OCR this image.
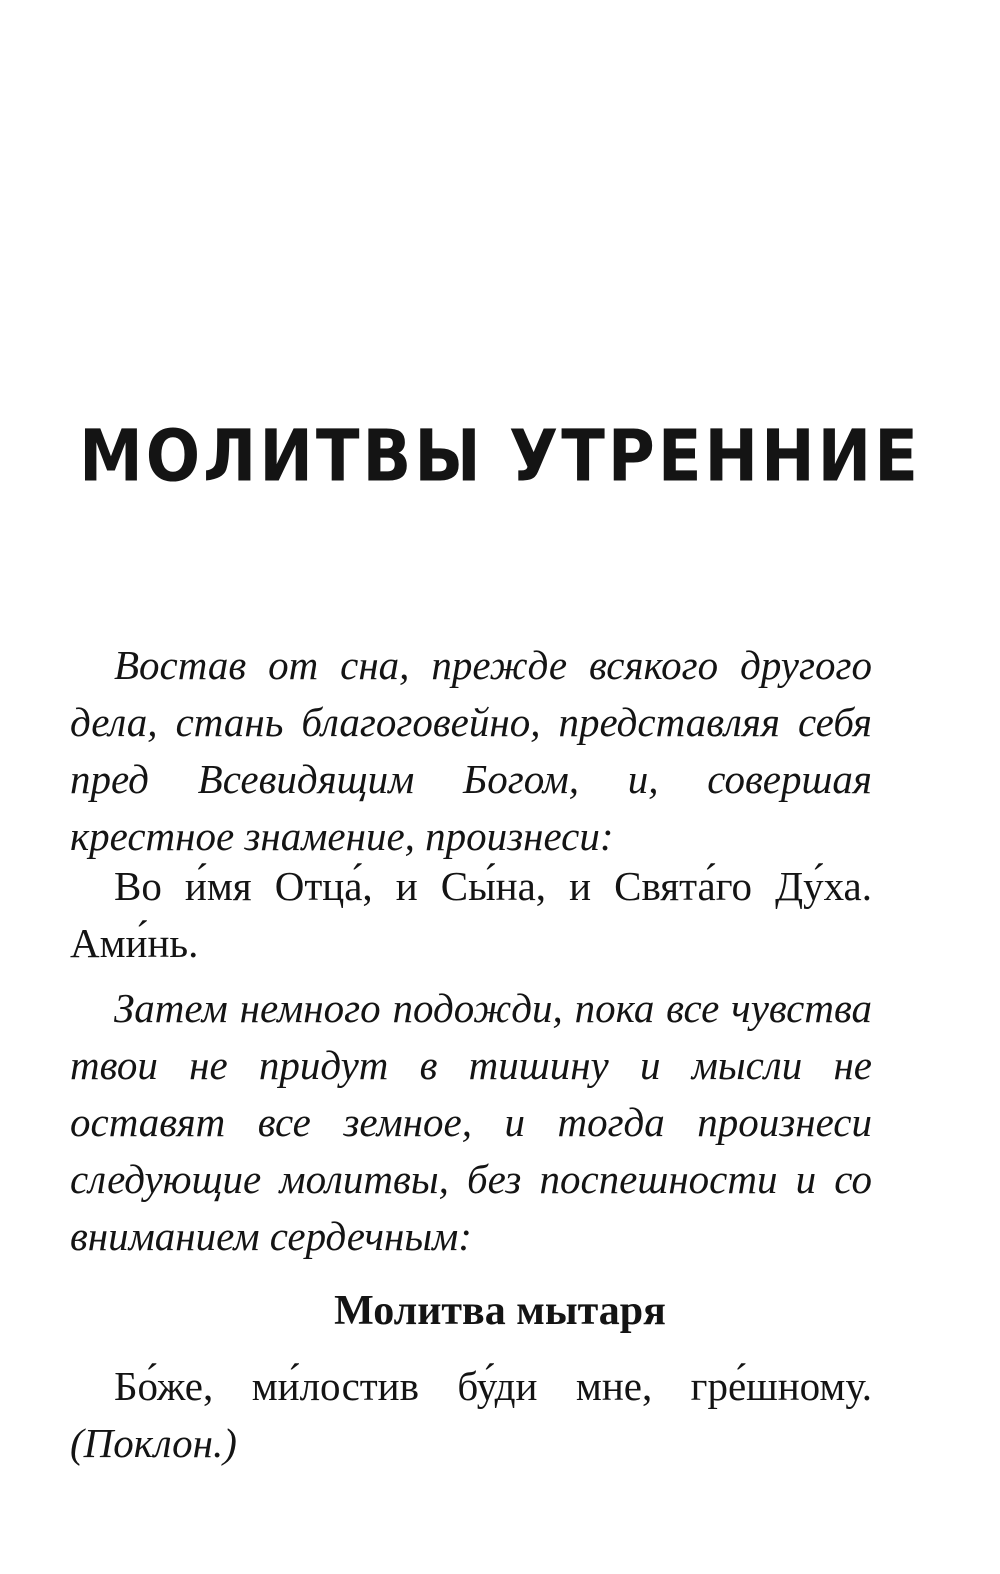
МОЛИТВЫ УТРЕННИЕ

Востав от сна, прежде всякого другого дела, стань благоговейно, представляя себя пред Всевидящим Богом, и, совершая крестное знамение, произнеси:

Во и́мя Отца́, и Сы́на, и Свята́го Ду́ха. Ами́нь.

Затем немного подожди, пока все чувства твои не придут в тишину и мысли не оставят все земное, и тогда произнеси следующие молитвы, без поспешности и со вниманием сердечным:

Молитва мытаря

Бо́же, ми́лостив бу́ди мне, гре́шному. (Поклон.)
